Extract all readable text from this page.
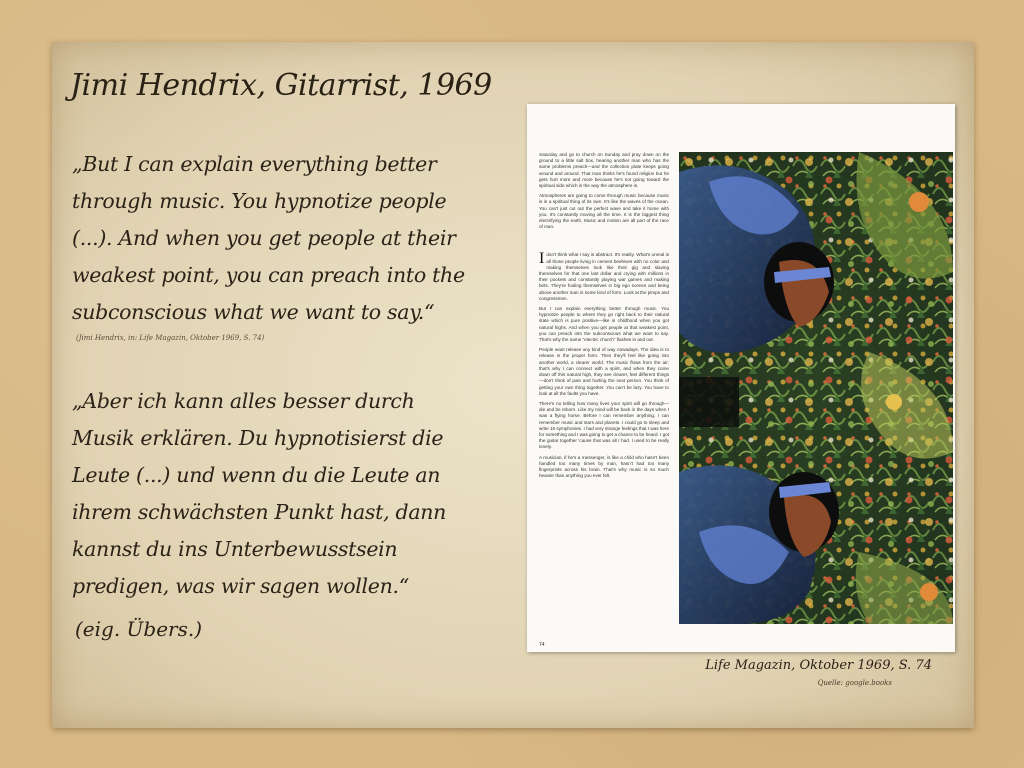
Jimi Hendrix, Gitarrist, 1969
„But I can explain everything better
through music. You hypnotize people
(...). And when you get people at their
weakest point, you can preach into the
subconscious what we want to say.“
(Jimi Hendrix, in: Life Magazin, Oktober 1969, S. 74)
„Aber ich kann alles besser durch
Musik erklären. Du hypnotisierst die
Leute (...) und wenn du die Leute an
ihrem schwächsten Punkt hast, dann
kannst du ins Unterbewusstsein
predigen, was wir sagen wollen.“
(eig. Übers.)

Saturday and go to church on Sunday and pray down on the ground to a little salt box, hearing another man who has the same problems preach—and the collection plate keeps going around and around. That man thinks he's found religion but he gets hurt more and more because he's not going toward the spiritual side which is the way the atmosphere is.

Atmospheres are going to come through music because music is in a spiritual thing of its own. It's like the waves of the ocean. You can't just cut out the perfect wave and take it home with you. It's constantly moving all the time. It is the biggest thing electrifying the earth. Music and motion are all part of the race of man.

Idon't think what I say is abstract. It's reality. What's unreal is all those people living in cement beehives with no color and making themselves look like their gig and slaving themselves for that one last dollar and crying with millions in their pockets and constantly playing war games and making bets. They're fooling themselves in big ego scenes and being above another man in some kind of form. Look at the pimps and congressmen.

But I can explain everything better through music. You hypnotize people to where they go right back to their natural state which is pure positive—like in childhood when you got natural highs. And when you get people at that weakest point, you can preach into the subconscious what we want to say. That's why the name "electric church" flashes in and out.

People want release any kind of way nowadays. The idea is to release in the proper form. Then they'll feel like going into another world, a clearer world. The music flows from the air; that's why I can connect with a spirit, and when they come down off this natural high, they see clearer, feel different things—don't think of pain and hurting the next person. You think of getting your own thing together. You can't be lazy. You have to look at all the faults you have.

There's no telling how many lives your spirit will go through—die and be reborn. Like my mind will be back in the days when I was a flying horse. Before I can remember anything, I can remember music and stars and planets. I could go to sleep and write 15 symphonies. I had very strange feelings that I was here for something and I was going to get a chance to be heard. I got the guitar together 'cause that was all I had. I used to be really lonely.

A musician, if he's a messenger, is like a child who hasn't been handled too many times by man, hasn't had too many fingerprints across his brain. That's why music is so much heavier than anything you ever felt.

74
Life Magazin, Oktober 1969, S. 74
Quelle: google.books
